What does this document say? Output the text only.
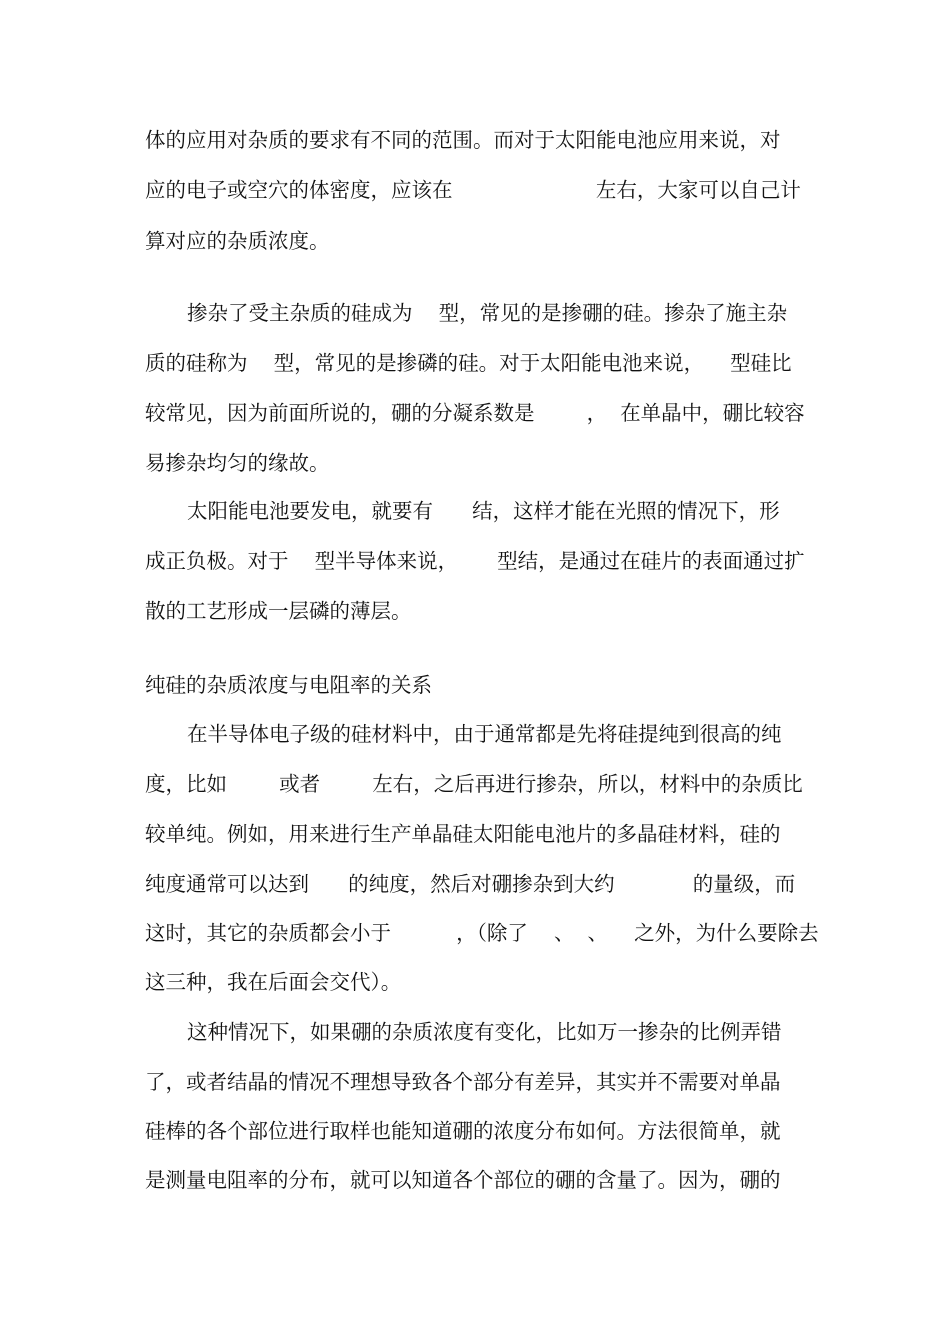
体的应用对杂质的要求有不同的范围。而对于太阳能电池应用来说，对
应的电子或空穴的体密度，应该在                      左右，大家可以自己计
算对应的杂质浓度。
掺杂了受主杂质的硅成为    型，常见的是掺硼的硅。掺杂了施主杂
质的硅称为    型，常见的是掺磷的硅。对于太阳能电池来说，    型硅比
较常见，因为前面所说的，硼的分凝系数是        ，  在单晶中，硼比较容
易掺杂均匀的缘故。
太阳能电池要发电，就要有      结，这样才能在光照的情况下，形
成正负极。对于    型半导体来说，      型结，是通过在硅片的表面通过扩
散的工艺形成一层磷的薄层。
纯硅的杂质浓度与电阻率的关系
在半导体电子级的硅材料中，由于通常都是先将硅提纯到很高的纯
度，比如        或者        左右，之后再进行掺杂，所以，材料中的杂质比
较单纯。例如，用来进行生产单晶硅太阳能电池片的多晶硅材料，硅的
纯度通常可以达到      的纯度，然后对硼掺杂到大约            的量级，而
这时，其它的杂质都会小于          ，（除了    、  、    之外，为什么要除去
这三种，我在后面会交代）。
这种情况下，如果硼的杂质浓度有变化，比如万一掺杂的比例弄错
了，或者结晶的情况不理想导致各个部分有差异，其实并不需要对单晶
硅棒的各个部位进行取样也能知道硼的浓度分布如何。方法很简单，就
是测量电阻率的分布，就可以知道各个部位的硼的含量了。因为，硼的
